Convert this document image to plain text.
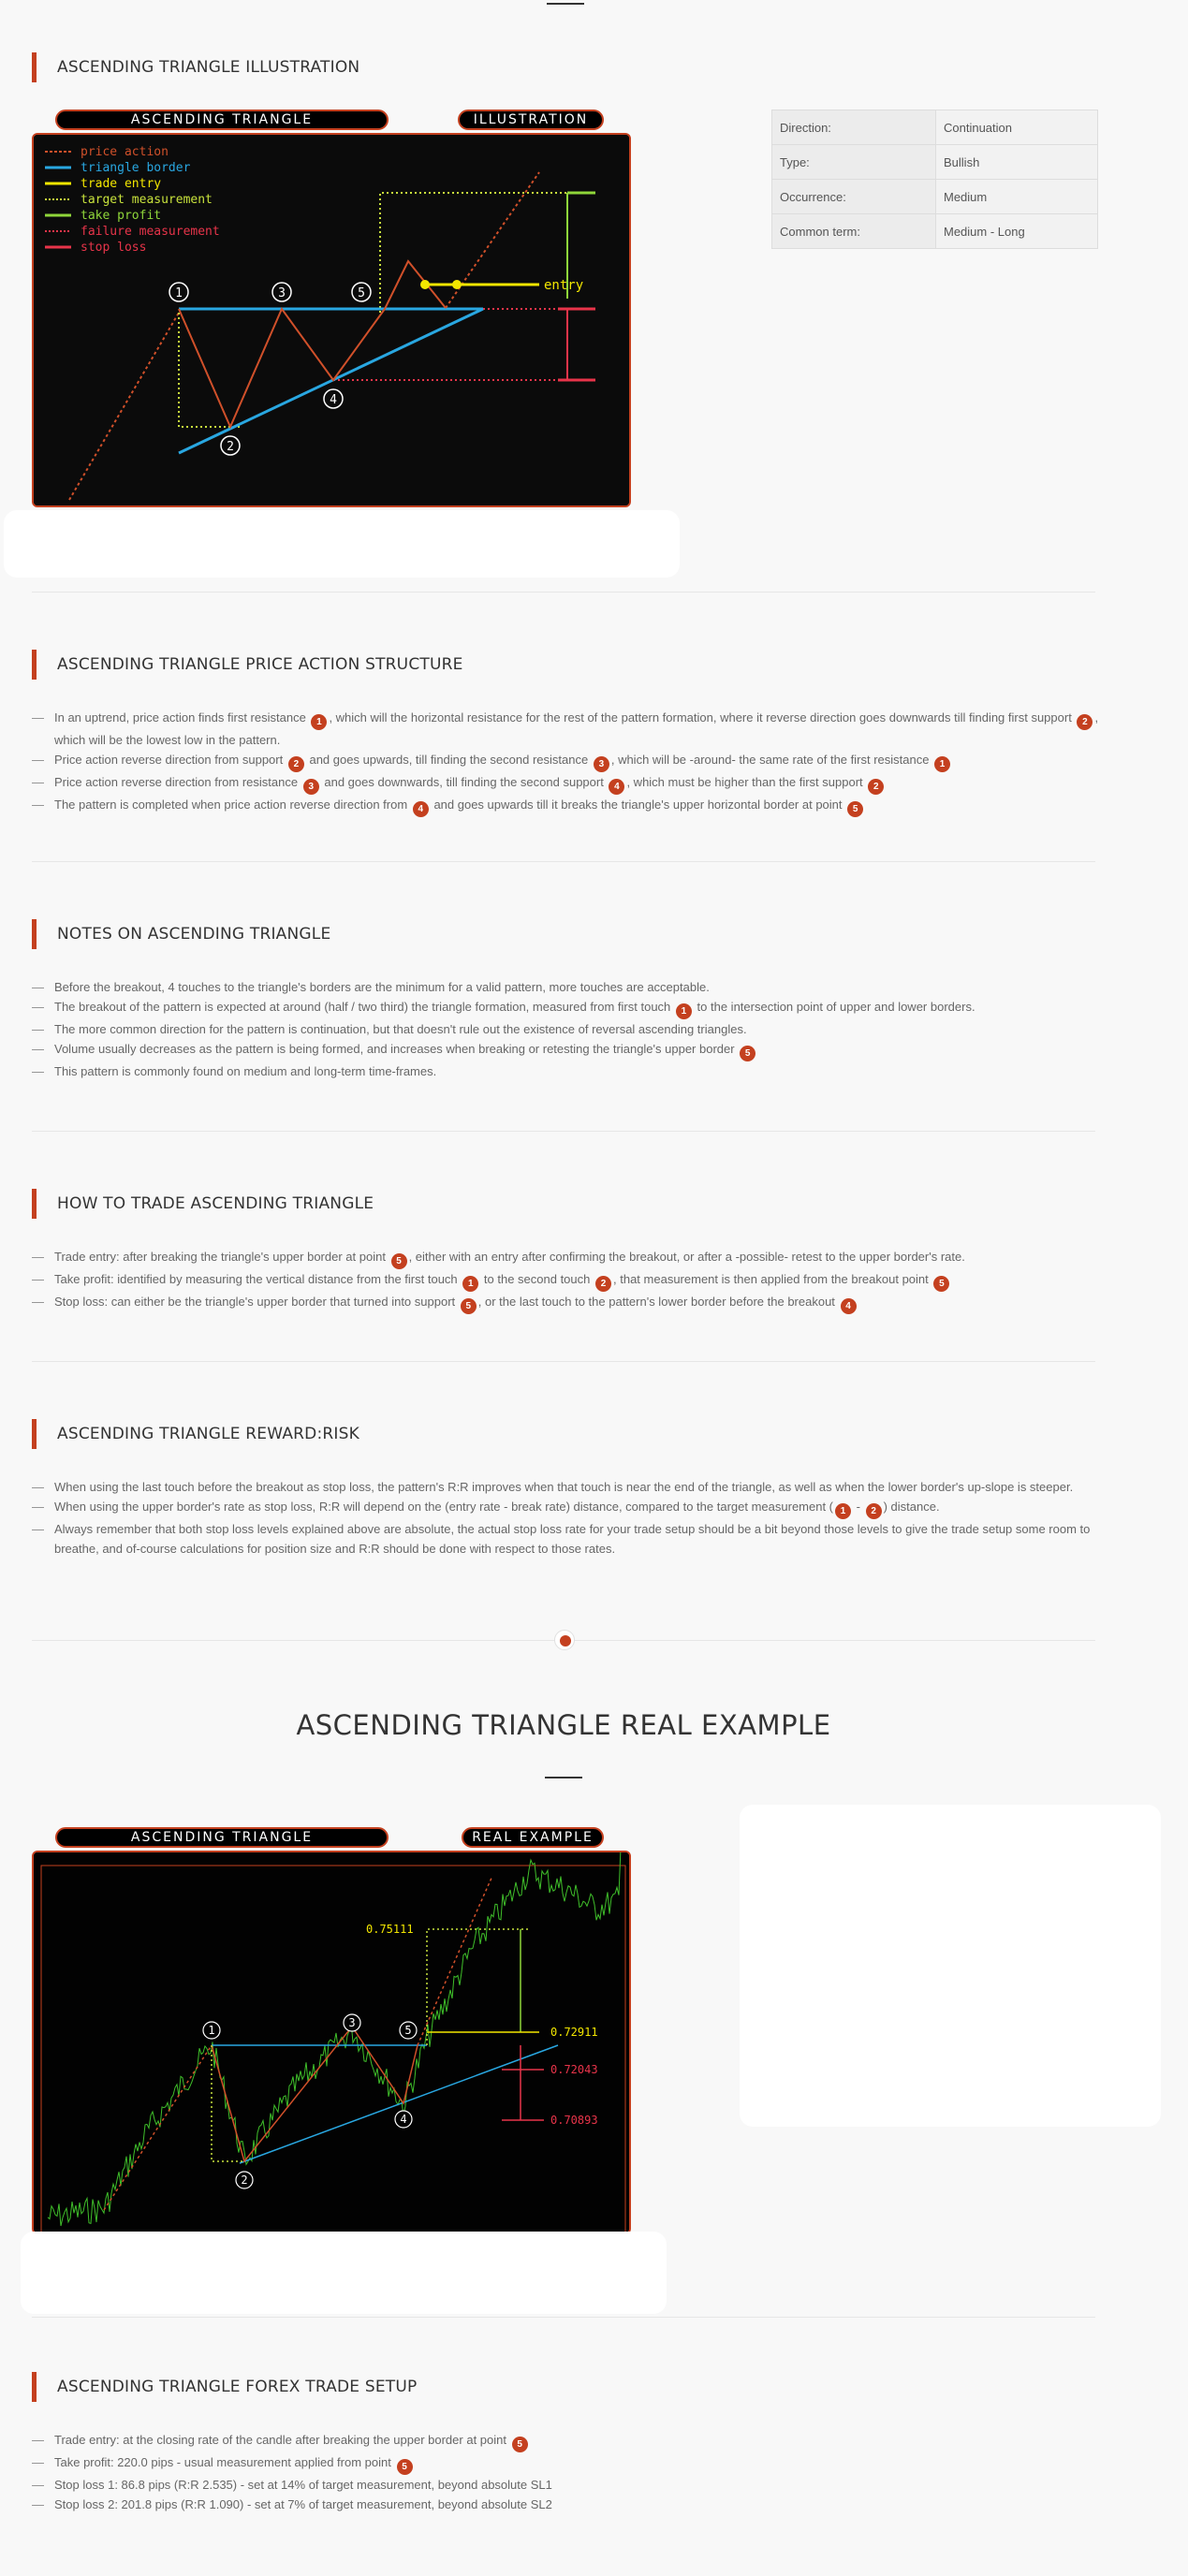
ASCENDING TRIANGLE ILLUSTRATION
ASCENDING TRIANGLE	ILLUSTRATION
price action
triangle border
trade entry
target measurement
take profit
failure measurement
stop loss
entry
1
2
3
4
5
Direction:	Continuation
Type:	Bullish
Occurrence:	Medium
Common term:	Medium - Long
ASCENDING TRIANGLE PRICE ACTION STRUCTURE
— In an uptrend, price action finds first resistance 1 , which will the horizontal resistance for the rest of the pattern formation, where it reverse direction goes downwards till finding first support 2 , which will be the lowest low in the pattern.
— Price action reverse direction from support 2 and goes upwards, till finding the second resistance 3 , which will be -around- the same rate of the first resistance 1
— Price action reverse direction from resistance 3 and goes downwards, till finding the second support 4 , which must be higher than the first support 2
— The pattern is completed when price action reverse direction from 4 and goes upwards till it breaks the triangle's upper horizontal border at point 5
NOTES ON ASCENDING TRIANGLE
— Before the breakout, 4 touches to the triangle's borders are the minimum for a valid pattern, more touches are acceptable.
— The breakout of the pattern is expected at around (half / two third) the triangle formation, measured from first touch 1 to the intersection point of upper and lower borders.
— The more common direction for the pattern is continuation, but that doesn't rule out the existence of reversal ascending triangles.
— Volume usually decreases as the pattern is being formed, and increases when breaking or retesting the triangle's upper border 5
— This pattern is commonly found on medium and long-term time-frames.
HOW TO TRADE ASCENDING TRIANGLE
— Trade entry: after breaking the triangle's upper border at point 5 , either with an entry after confirming the breakout, or after a -possible- retest to the upper border's rate.
— Take profit: identified by measuring the vertical distance from the first touch 1 to the second touch 2 , that measurement is then applied from the breakout point 5
— Stop loss: can either be the triangle's upper border that turned into support 5 , or the last touch to the pattern's lower border before the breakout 4
ASCENDING TRIANGLE REWARD:RISK
— When using the last touch before the breakout as stop loss, the pattern's R:R improves when that touch is near the end of the triangle, as well as when the lower border's up-slope is steeper.
— When using the upper border's rate as stop loss, R:R will depend on the (entry rate - break rate) distance, compared to the target measurement ( 1 - 2 ) distance.
— Always remember that both stop loss levels explained above are absolute, the actual stop loss rate for your trade setup should be a bit beyond those levels to give the trade setup some room to breathe, and of-course calculations for position size and R:R should be done with respect to those rates.
ASCENDING TRIANGLE REAL EXAMPLE
ASCENDING TRIANGLE	REAL EXAMPLE
0.75111
0.72911
0.72043
0.70893
1
2
3
4
5
ASCENDING TRIANGLE FOREX TRADE SETUP
— Trade entry: at the closing rate of the candle after breaking the upper border at point 5
— Take profit: 220.0 pips - usual measurement applied from point 5
— Stop loss 1: 86.8 pips (R:R 2.535) - set at 14% of target measurement, beyond absolute SL1
— Stop loss 2: 201.8 pips (R:R 1.090) - set at 7% of target measurement, beyond absolute SL2
